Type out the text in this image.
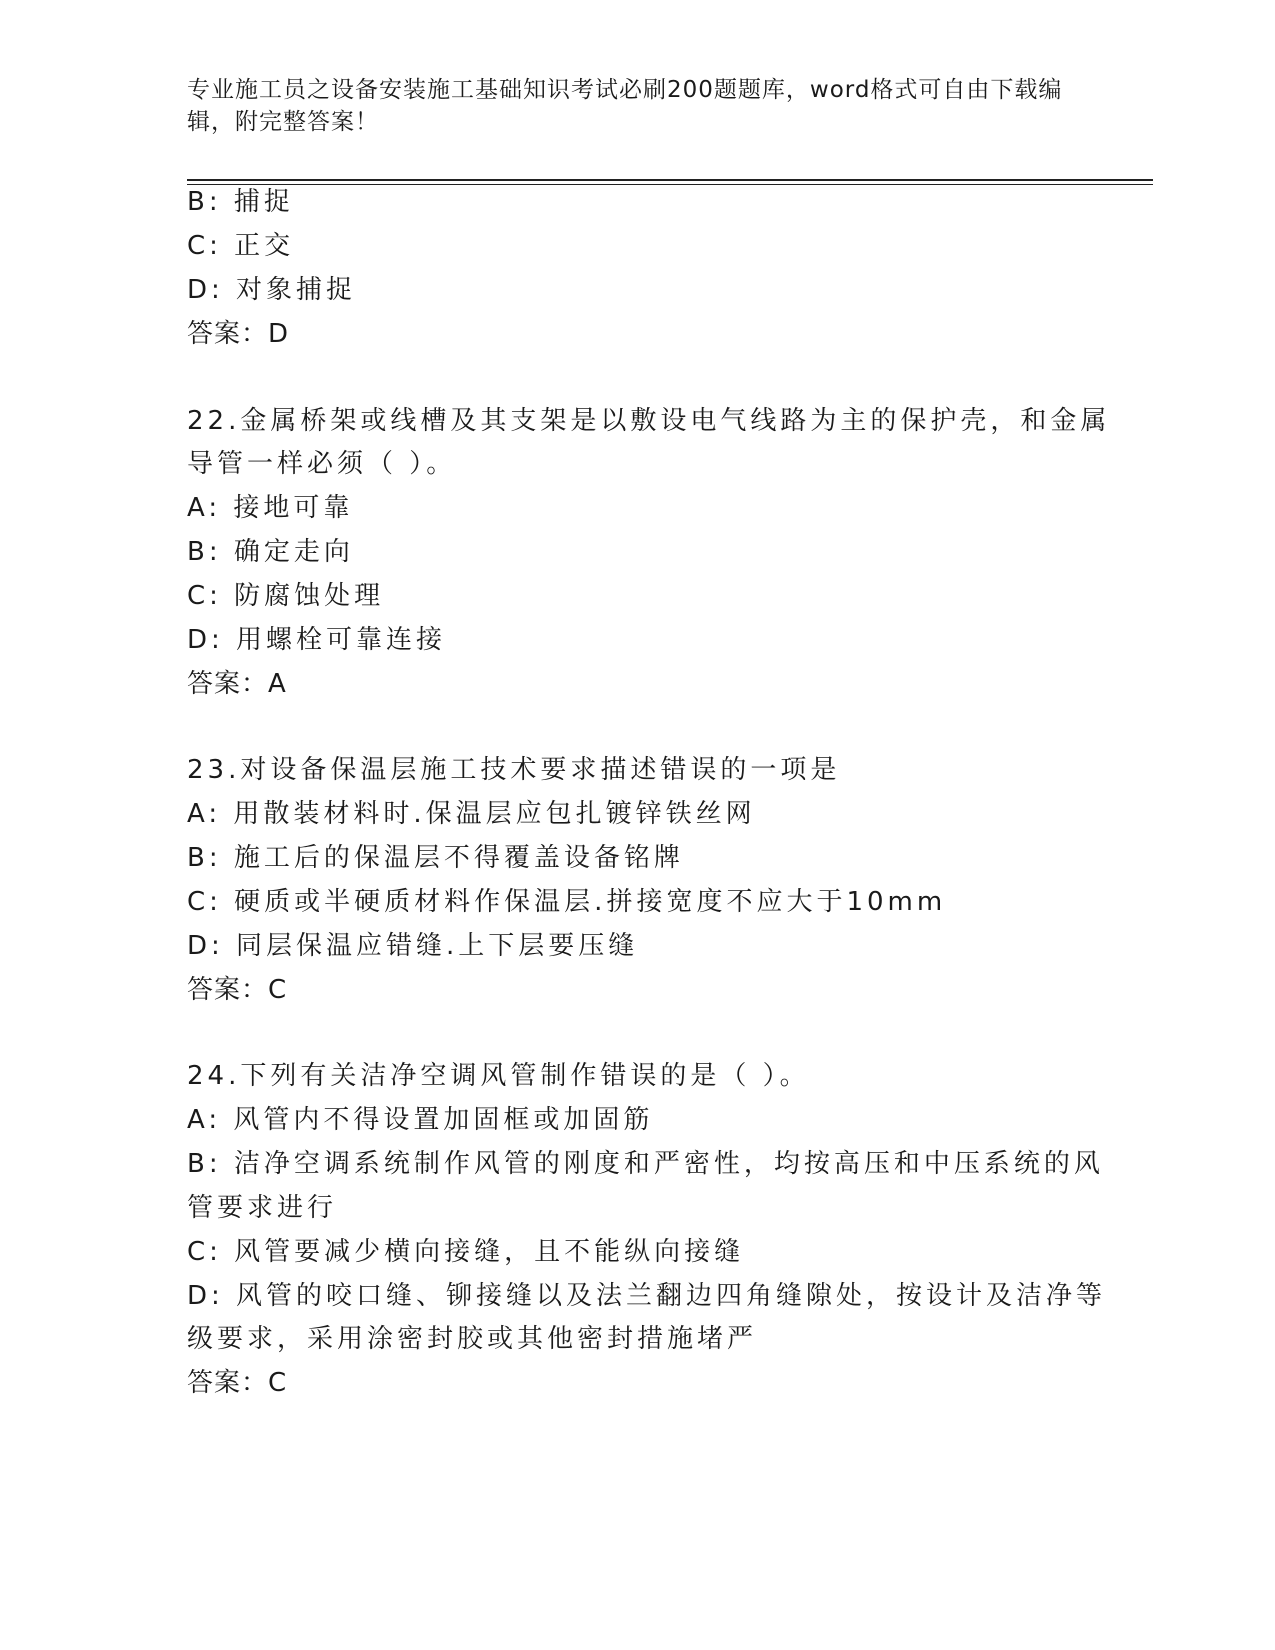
专业施工员之设备安装施工基础知识考试必刷200题题库，word格式可自由下载编辑，附完整答案！
B: 捕捉
C: 正交
D: 对象捕捉
答案：D
22.金属桥架或线槽及其支架是以敷设电气线路为主的保护壳，和金属
导管一样必须（ ）。
A: 接地可靠
B: 确定走向
C: 防腐蚀处理
D: 用螺栓可靠连接
答案：A
23.对设备保温层施工技术要求描述错误的一项是
A: 用散装材料时.保温层应包扎镀锌铁丝网
B: 施工后的保温层不得覆盖设备铭牌
C: 硬质或半硬质材料作保温层.拼接宽度不应大于10mm
D: 同层保温应错缝.上下层要压缝
答案：C
24.下列有关洁净空调风管制作错误的是（ ）。
A: 风管内不得设置加固框或加固筋
B: 洁净空调系统制作风管的刚度和严密性，均按高压和中压系统的风
管要求进行
C: 风管要减少横向接缝，且不能纵向接缝
D: 风管的咬口缝、铆接缝以及法兰翻边四角缝隙处，按设计及洁净等
级要求，采用涂密封胶或其他密封措施堵严
答案：C
